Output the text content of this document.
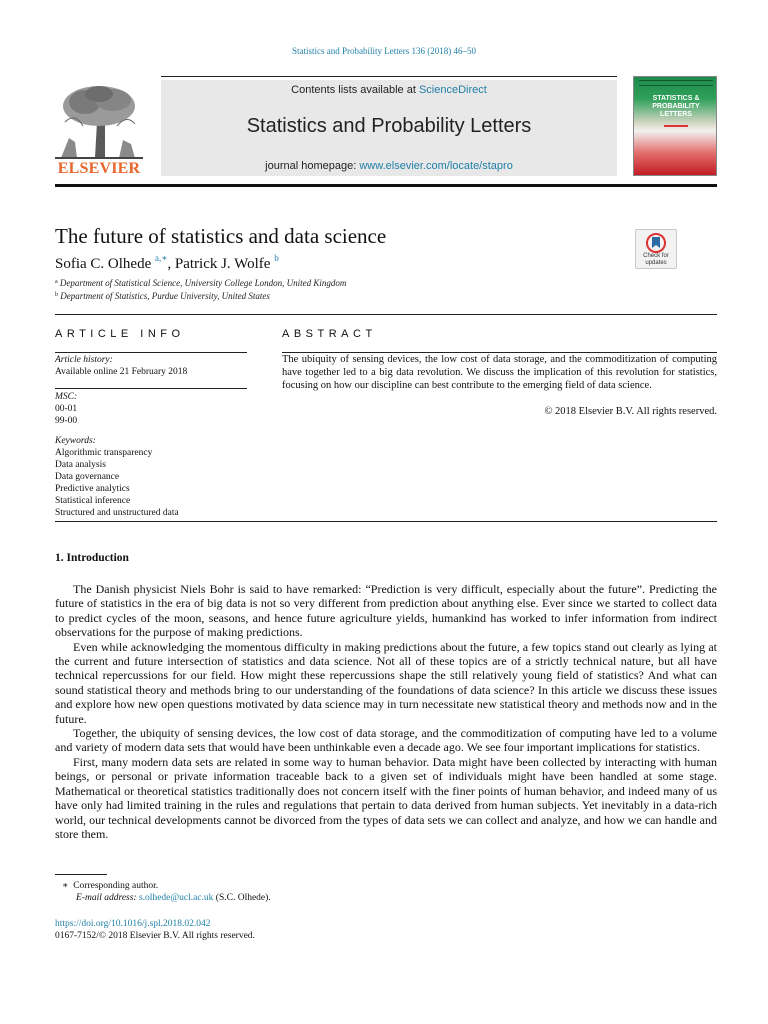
Statistics and Probability Letters 136 (2018) 46–50
ELSEVIER
Contents lists available at ScienceDirect
Statistics and Probability Letters
journal homepage: www.elsevier.com/locate/stapro
STATISTICS & PROBABILITY LETTERS
The future of statistics and data science
Sofia C. Olhede $^{a,∗}$, Patrick J. Wolfe $^b$
$^a$ Department of Statistical Science, University College London, United Kingdom
$^b$ Department of Statistics, Purdue University, United States
Check for updates
ARTICLE INFO
Article history:
Available online 21 February 2018
MSC:
00-01
99-00
Keywords:
Algorithmic transparency
Data analysis
Data governance
Predictive analytics
Statistical inference
Structured and unstructured data
ABSTRACT
The ubiquity of sensing devices, the low cost of data storage, and the commoditization of computing have together led to a big data revolution. We discuss the implication of this revolution for statistics, focusing on how our discipline can best contribute to the emerging field of data science.
© 2018 Elsevier B.V. All rights reserved.
1. Introduction

The Danish physicist Niels Bohr is said to have remarked: “Prediction is very difficult, especially about the future”. Predicting the future of statistics in the era of big data is not so very different from prediction about anything else. Ever since we started to collect data to predict cycles of the moon, seasons, and hence future agriculture yields, humankind has worked to infer information from indirect observations for the purpose of making predictions.

Even while acknowledging the momentous difficulty in making predictions about the future, a few topics stand out clearly as lying at the current and future intersection of statistics and data science. Not all of these topics are of a strictly technical nature, but all have technical repercussions for our field. How might these repercussions shape the still relatively young field of statistics? And what can sound statistical theory and methods bring to our understanding of the foundations of data science? In this article we discuss these issues and explore how new open questions motivated by data science may in turn necessitate new statistical theory and methods now and in the future.

Together, the ubiquity of sensing devices, the low cost of data storage, and the commoditization of computing have led to a volume and variety of modern data sets that would have been unthinkable even a decade ago. We see four important implications for statistics.

First, many modern data sets are related in some way to human behavior. Data might have been collected by interacting with human beings, or personal or private information traceable back to a given set of individuals might have been handled at some stage. Mathematical or theoretical statistics traditionally does not concern itself with the finer points of human behavior, and indeed many of us have only had limited training in the rules and regulations that pertain to data derived from human subjects. Yet inevitably in a data-rich world, our technical developments cannot be divorced from the types of data sets we can collect and analyze, and how we can handle and store them.

∗ Corresponding author.
E-mail address: s.olhede@ucl.ac.uk (S.C. Olhede).
https://doi.org/10.1016/j.spl.2018.02.042
0167-7152/© 2018 Elsevier B.V. All rights reserved.
